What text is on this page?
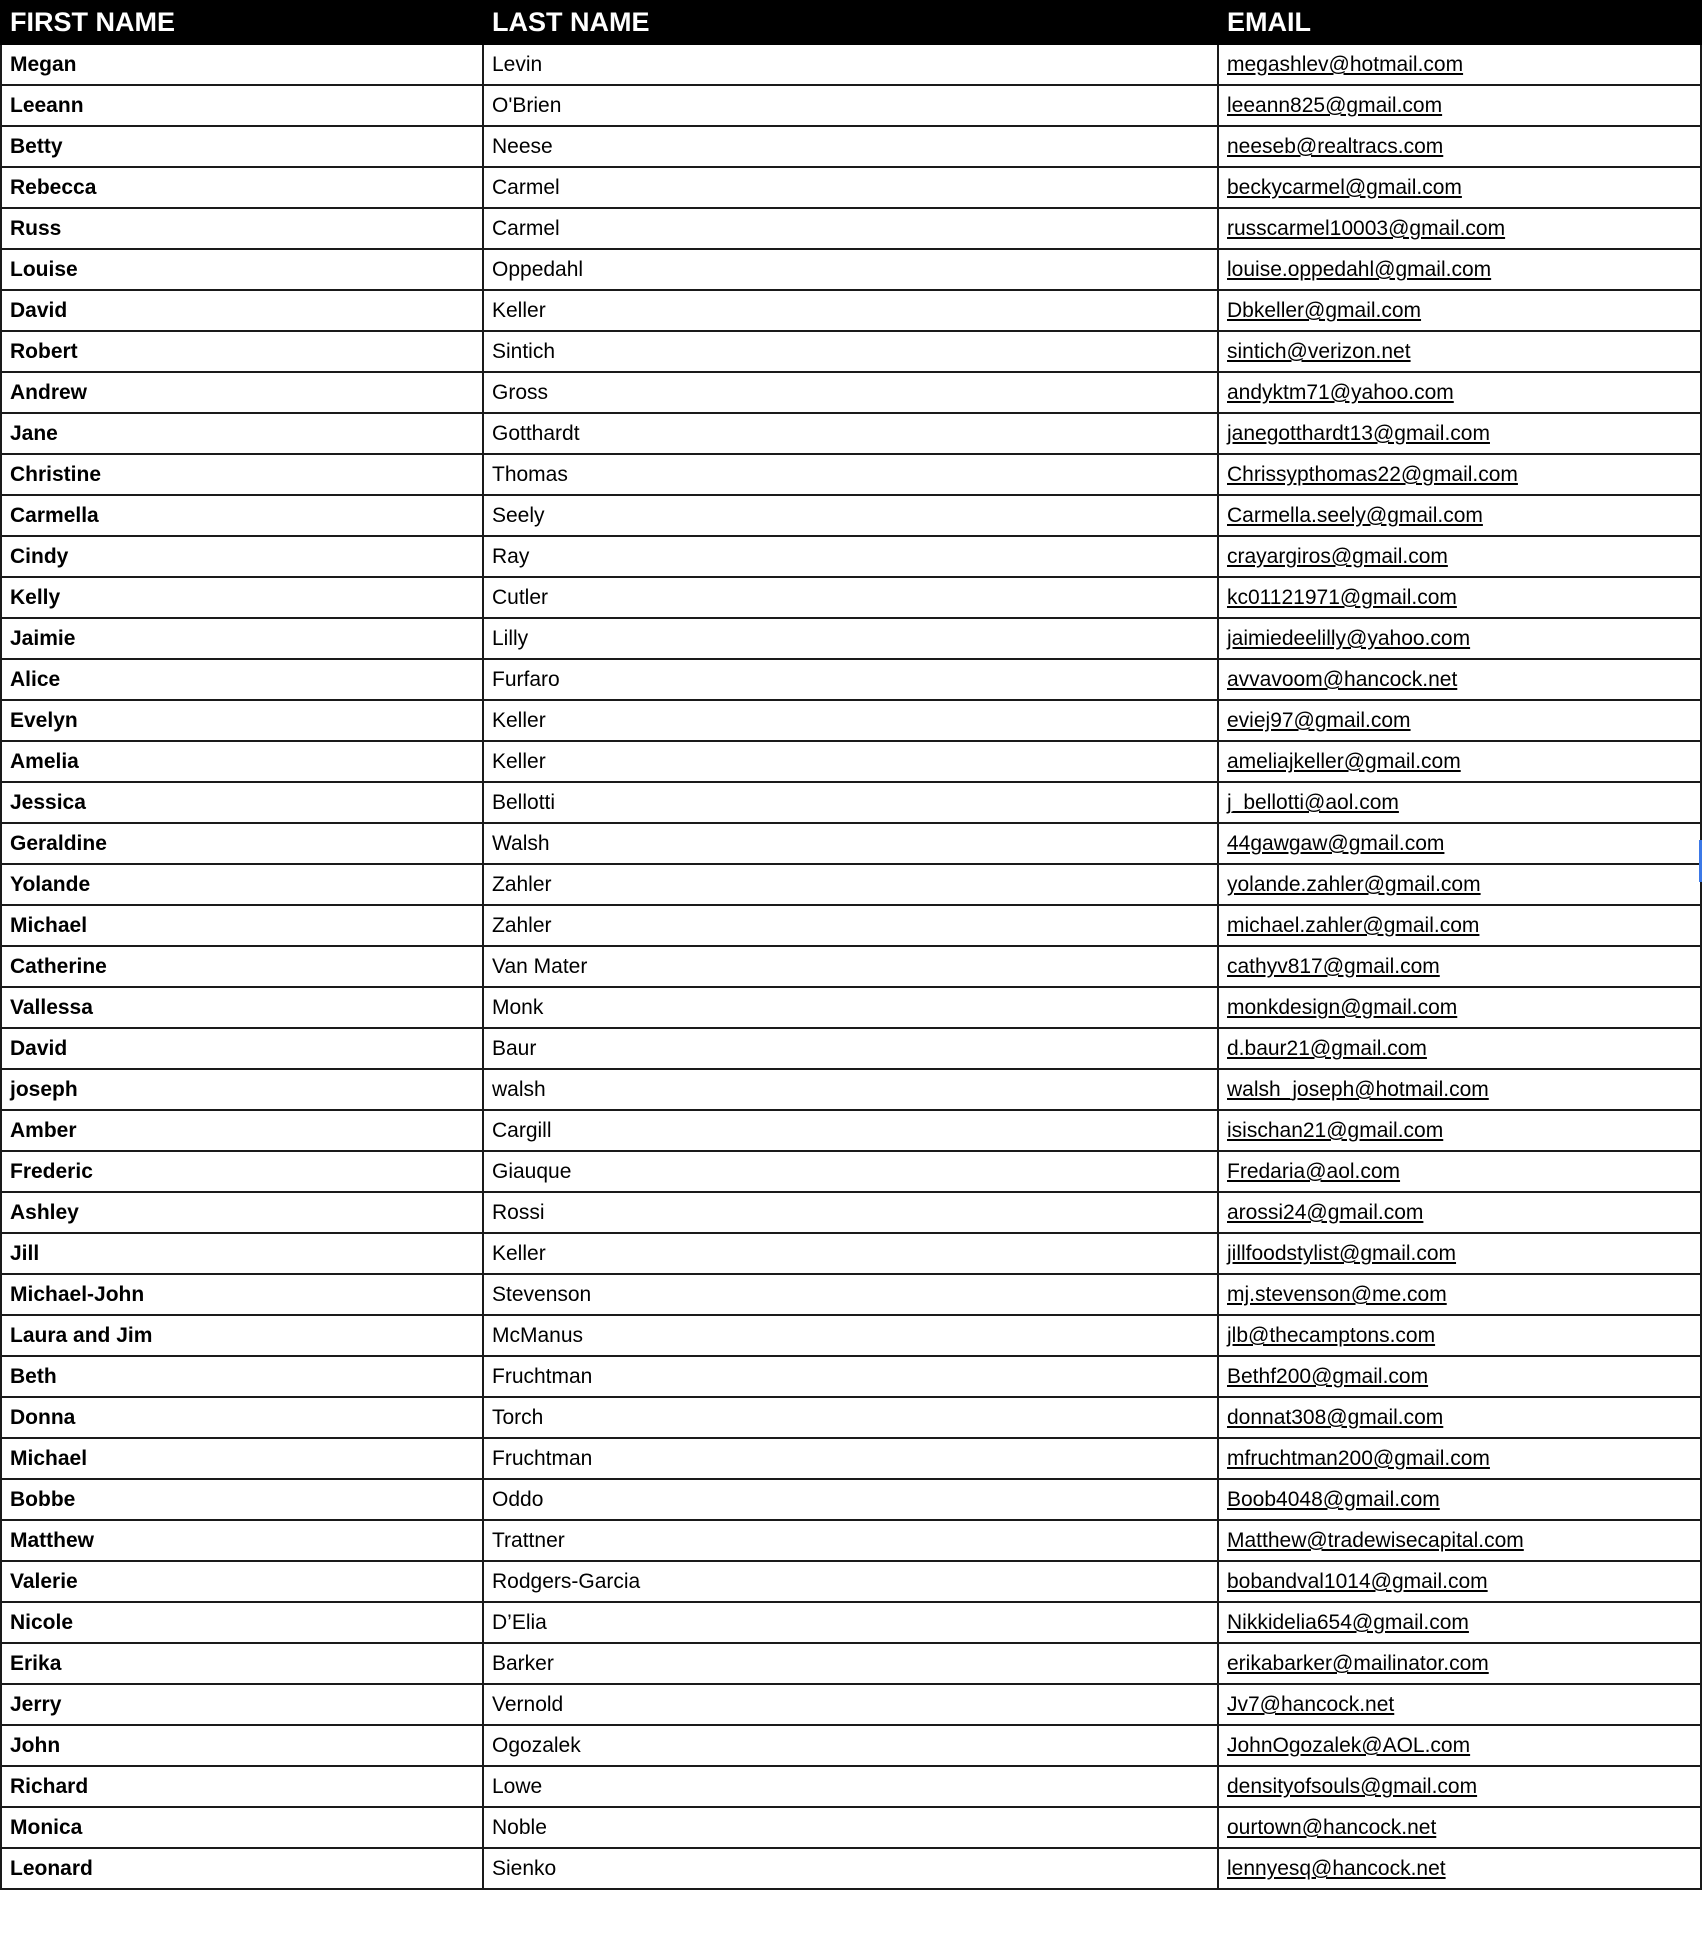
FIRST NAME	LAST NAME	EMAIL
Megan	Levin	megashlev@hotmail.com
Leeann	O'Brien	leeann825@gmail.com
Betty	Neese	neeseb@realtracs.com
Rebecca	Carmel	beckycarmel@gmail.com
Russ	Carmel	russcarmel10003@gmail.com
Louise	Oppedahl	louise.oppedahl@gmail.com
David	Keller	Dbkeller@gmail.com
Robert	Sintich	sintich@verizon.net
Andrew	Gross	andyktm71@yahoo.com
Jane	Gotthardt	janegotthardt13@gmail.com
Christine	Thomas	Chrissypthomas22@gmail.com
Carmella	Seely	Carmella.seely@gmail.com
Cindy	Ray	crayargiros@gmail.com
Kelly	Cutler	kc01121971@gmail.com
Jaimie	Lilly	jaimiedeelilly@yahoo.com
Alice	Furfaro	avvavoom@hancock.net
Evelyn	Keller	eviej97@gmail.com
Amelia	Keller	ameliajkeller@gmail.com
Jessica	Bellotti	j_bellotti@aol.com
Geraldine	Walsh	44gawgaw@gmail.com
Yolande	Zahler	yolande.zahler@gmail.com
Michael	Zahler	michael.zahler@gmail.com
Catherine	Van Mater	cathyv817@gmail.com
Vallessa	Monk	monkdesign@gmail.com
David	Baur	d.baur21@gmail.com
joseph	walsh	walsh_joseph@hotmail.com
Amber	Cargill	isischan21@gmail.com
Frederic	Giauque	Fredaria@aol.com
Ashley	Rossi	arossi24@gmail.com
Jill	Keller	jillfoodstylist@gmail.com
Michael-John	Stevenson	mj.stevenson@me.com
Laura and Jim	McManus	jlb@thecamptons.com
Beth	Fruchtman	Bethf200@gmail.com
Donna	Torch	donnat308@gmail.com
Michael	Fruchtman	mfruchtman200@gmail.com
Bobbe	Oddo	Boob4048@gmail.com
Matthew	Trattner	Matthew@tradewisecapital.com
Valerie	Rodgers-Garcia	bobandval1014@gmail.com
Nicole	D’Elia	Nikkidelia654@gmail.com
Erika	Barker	erikabarker@mailinator.com
Jerry	Vernold	Jv7@hancock.net
John	Ogozalek	JohnOgozalek@AOL.com
Richard	Lowe	densityofsouls@gmail.com
Monica	Noble	ourtown@hancock.net
Leonard	Sienko	lennyesq@hancock.net
